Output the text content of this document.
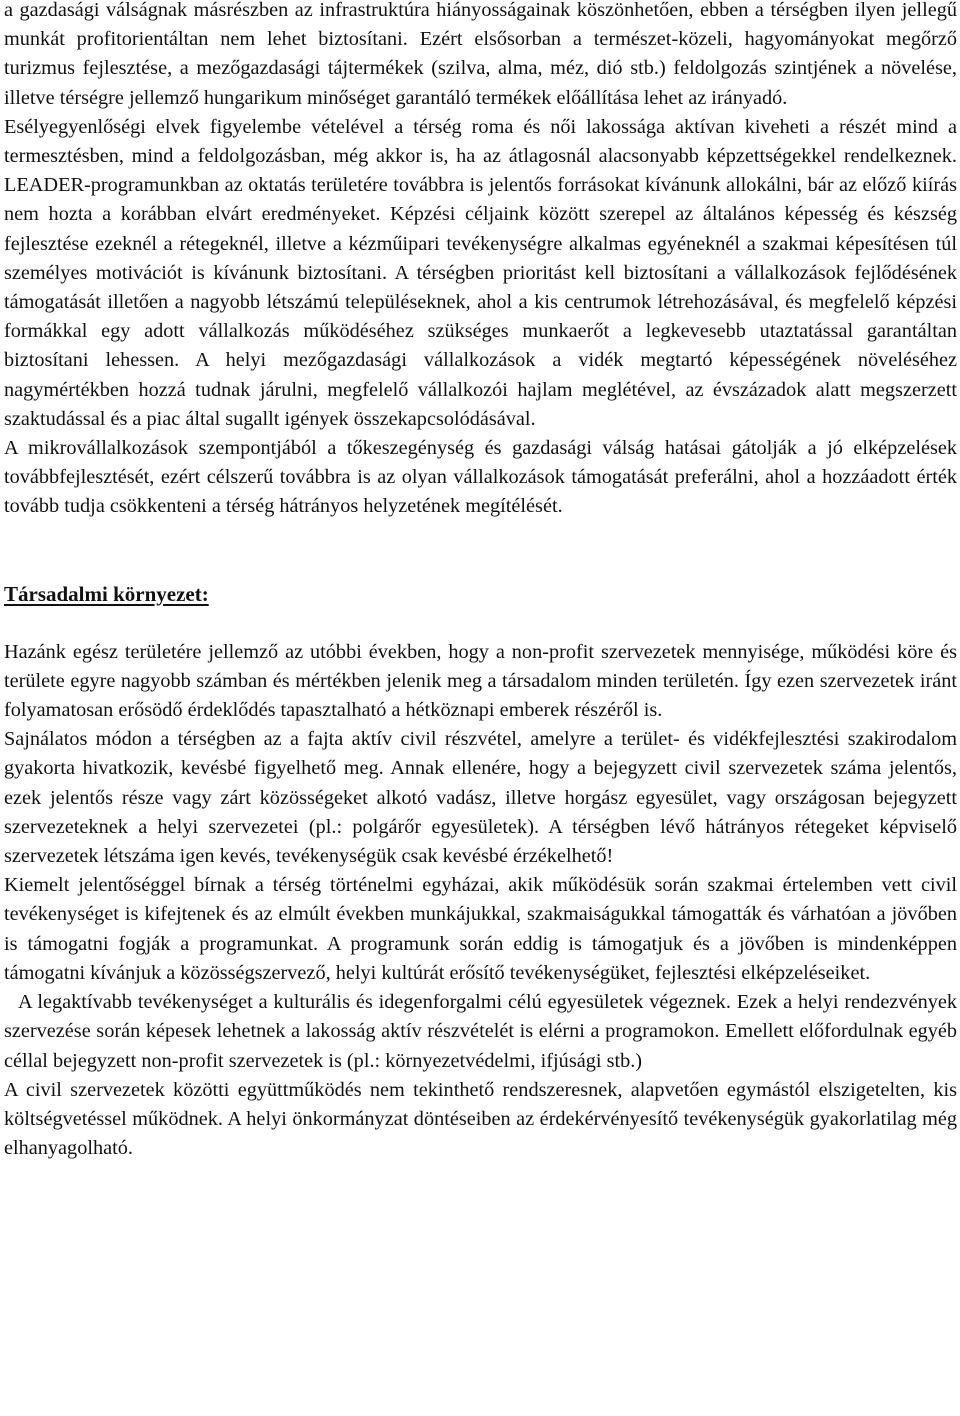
a gazdasági válságnak másrészben az infrastruktúra hiányosságainak köszönhetően, ebben a térségben ilyen jellegű munkát profitorientáltan nem lehet biztosítani. Ezért elsősorban a természet-közeli, hagyományokat megőrző turizmus fejlesztése, a mezőgazdasági tájtermékek (szilva, alma, méz, dió stb.) feldolgozás szintjének a növelése, illetve térségre jellemző hungarikum minőséget garantáló termékek előállítása lehet az irányadó.

Esélyegyenlőségi elvek figyelembe vételével a térség roma és női lakossága aktívan kiveheti a részét mind a termesztésben, mind a feldolgozásban, még akkor is, ha az átlagosnál alacsonyabb képzettségekkel rendelkeznek. LEADER-programunkban az oktatás területére továbbra is jelentős forrásokat kívánunk allokálni, bár az előző kiírás nem hozta a korábban elvárt eredményeket. Képzési céljaink között szerepel az általános képesség és készség fejlesztése ezeknél a rétegeknél, illetve a kézműipari tevékenységre alkalmas egyéneknél a szakmai képesítésen túl személyes motivációt is kívánunk biztosítani. A térségben prioritást kell biztosítani a vállalkozások fejlődésének támogatását illetően a nagyobb létszámú településeknek, ahol a kis centrumok létrehozásával, és megfelelő képzési formákkal egy adott vállalkozás működéséhez szükséges munkaerőt a legkevesebb utaztatással garantáltan biztosítani lehessen. A helyi mezőgazdasági vállalkozások a vidék megtartó képességének növeléséhez nagymértékben hozzá tudnak járulni, megfelelő vállalkozói hajlam meglétével, az évszázadok alatt megszerzett szaktudással és a piac által sugallt igények összekapcsolódásával.

A mikrovállalkozások szempontjából a tőkeszegénység és gazdasági válság hatásai gátolják a jó elképzelések továbbfejlesztését, ezért célszerű továbbra is az olyan vállalkozások támogatását preferálni, ahol a hozzáadott érték tovább tudja csökkenteni a térség hátrányos helyzetének megítélését.

Társadalmi környezet:

Hazánk egész területére jellemző az utóbbi években, hogy a non-profit szervezetek mennyisége, működési köre és területe egyre nagyobb számban és mértékben jelenik meg a társadalom minden területén. Így ezen szervezetek iránt folyamatosan erősödő érdeklődés tapasztalható a hétköznapi emberek részéről is.

Sajnálatos módon a térségben az a fajta aktív civil részvétel, amelyre a terület- és vidékfejlesztési szakirodalom gyakorta hivatkozik, kevésbé figyelhető meg. Annak ellenére, hogy a bejegyzett civil szervezetek száma jelentős, ezek jelentős része vagy zárt közösségeket alkotó vadász, illetve horgász egyesület, vagy országosan bejegyzett szervezeteknek a helyi szervezetei (pl.: polgárőr egyesületek). A térségben lévő hátrányos rétegeket képviselő szervezetek létszáma igen kevés, tevékenységük csak kevésbé érzékelhető!

Kiemelt jelentőséggel bírnak a térség történelmi egyházai, akik működésük során szakmai értelemben vett civil tevékenységet is kifejtenek és az elmúlt években munkájukkal, szakmaiságukkal támogatták és várhatóan a jövőben is támogatni fogják a programunkat. A programunk során eddig is támogatjuk és a jövőben is mindenképpen támogatni kívánjuk a közösségszervező, helyi kultúrát erősítő tevékenységüket, fejlesztési elképzeléseiket.

A legaktívabb tevékenységet a kulturális és idegenforgalmi célú egyesületek végeznek. Ezek a helyi rendezvények szervezése során képesek lehetnek a lakosság aktív részvételét is elérni a programokon. Emellett előfordulnak egyéb céllal bejegyzett non-profit szervezetek is (pl.: környezetvédelmi, ifjúsági stb.)

A civil szervezetek közötti együttműködés nem tekinthető rendszeresnek, alapvetően egymástól elszigetelten, kis költségvetéssel működnek. A helyi önkormányzat döntéseiben az érdekérvényesítő tevékenységük gyakorlatilag még elhanyagolható.
